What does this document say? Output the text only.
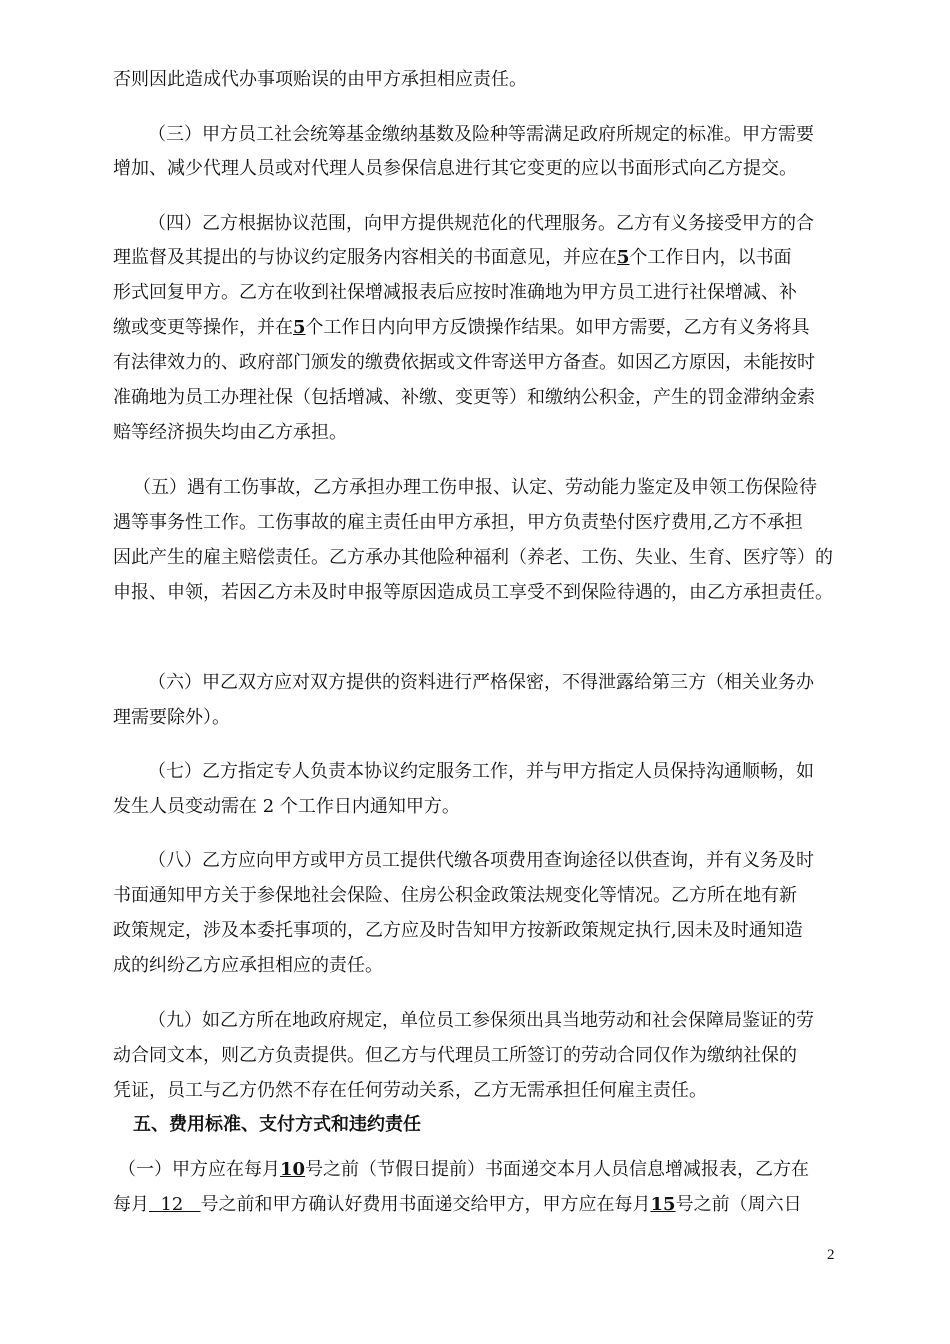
否则因此造成代办事项贻误的由甲方承担相应责任。
（三）甲方员工社会统筹基金缴纳基数及险种等需满足政府所规定的标准。甲方需要
增加、减少代理人员或对代理人员参保信息进行其它变更的应以书面形式向乙方提交。
（四）乙方根据协议范围，向甲方提供规范化的代理服务。乙方有义务接受甲方的合
理监督及其提出的与协议约定服务内容相关的书面意见，并应在5个工作日内，以书面
形式回复甲方。乙方在收到社保增减报表后应按时准确地为甲方员工进行社保增减、补
缴或变更等操作，并在5个工作日内向甲方反馈操作结果。如甲方需要，乙方有义务将具
有法律效力的、政府部门颁发的缴费依据或文件寄送甲方备查。如因乙方原因，未能按时
准确地为员工办理社保（包括增减、补缴、变更等）和缴纳公积金，产生的罚金滞纳金索
赔等经济损失均由乙方承担。
（五）遇有工伤事故，乙方承担办理工伤申报、认定、劳动能力鉴定及申领工伤保险待
遇等事务性工作。工伤事故的雇主责任由甲方承担，甲方负责垫付医疗费用,乙方不承担
因此产生的雇主赔偿责任。乙方承办其他险种福利（养老、工伤、失业、生育、医疗等）的
申报、申领，若因乙方未及时申报等原因造成员工享受不到保险待遇的，由乙方承担责任。
（六）甲乙双方应对双方提供的资料进行严格保密，不得泄露给第三方（相关业务办
理需要除外）。
（七）乙方指定专人负责本协议约定服务工作，并与甲方指定人员保持沟通顺畅，如
发生人员变动需在 2 个工作日内通知甲方。
（八）乙方应向甲方或甲方员工提供代缴各项费用查询途径以供查询，并有义务及时
书面通知甲方关于参保地社会保险、住房公积金政策法规变化等情况。乙方所在地有新
政策规定，涉及本委托事项的，乙方应及时告知甲方按新政策规定执行,因未及时通知造
成的纠纷乙方应承担相应的责任。
（九）如乙方所在地政府规定，单位员工参保须出具当地劳动和社会保障局鉴证的劳
动合同文本，则乙方负责提供。但乙方与代理员工所签订的劳动合同仅作为缴纳社保的
凭证，员工与乙方仍然不存在任何劳动关系，乙方无需承担任何雇主责任。
五、费用标准、支付方式和违约责任
（一）甲方应在每月10号之前（节假日提前）书面递交本月人员信息增减报表，乙方在
每月  12   号之前和甲方确认好费用书面递交给甲方，甲方应在每月15号之前（周六日
2
